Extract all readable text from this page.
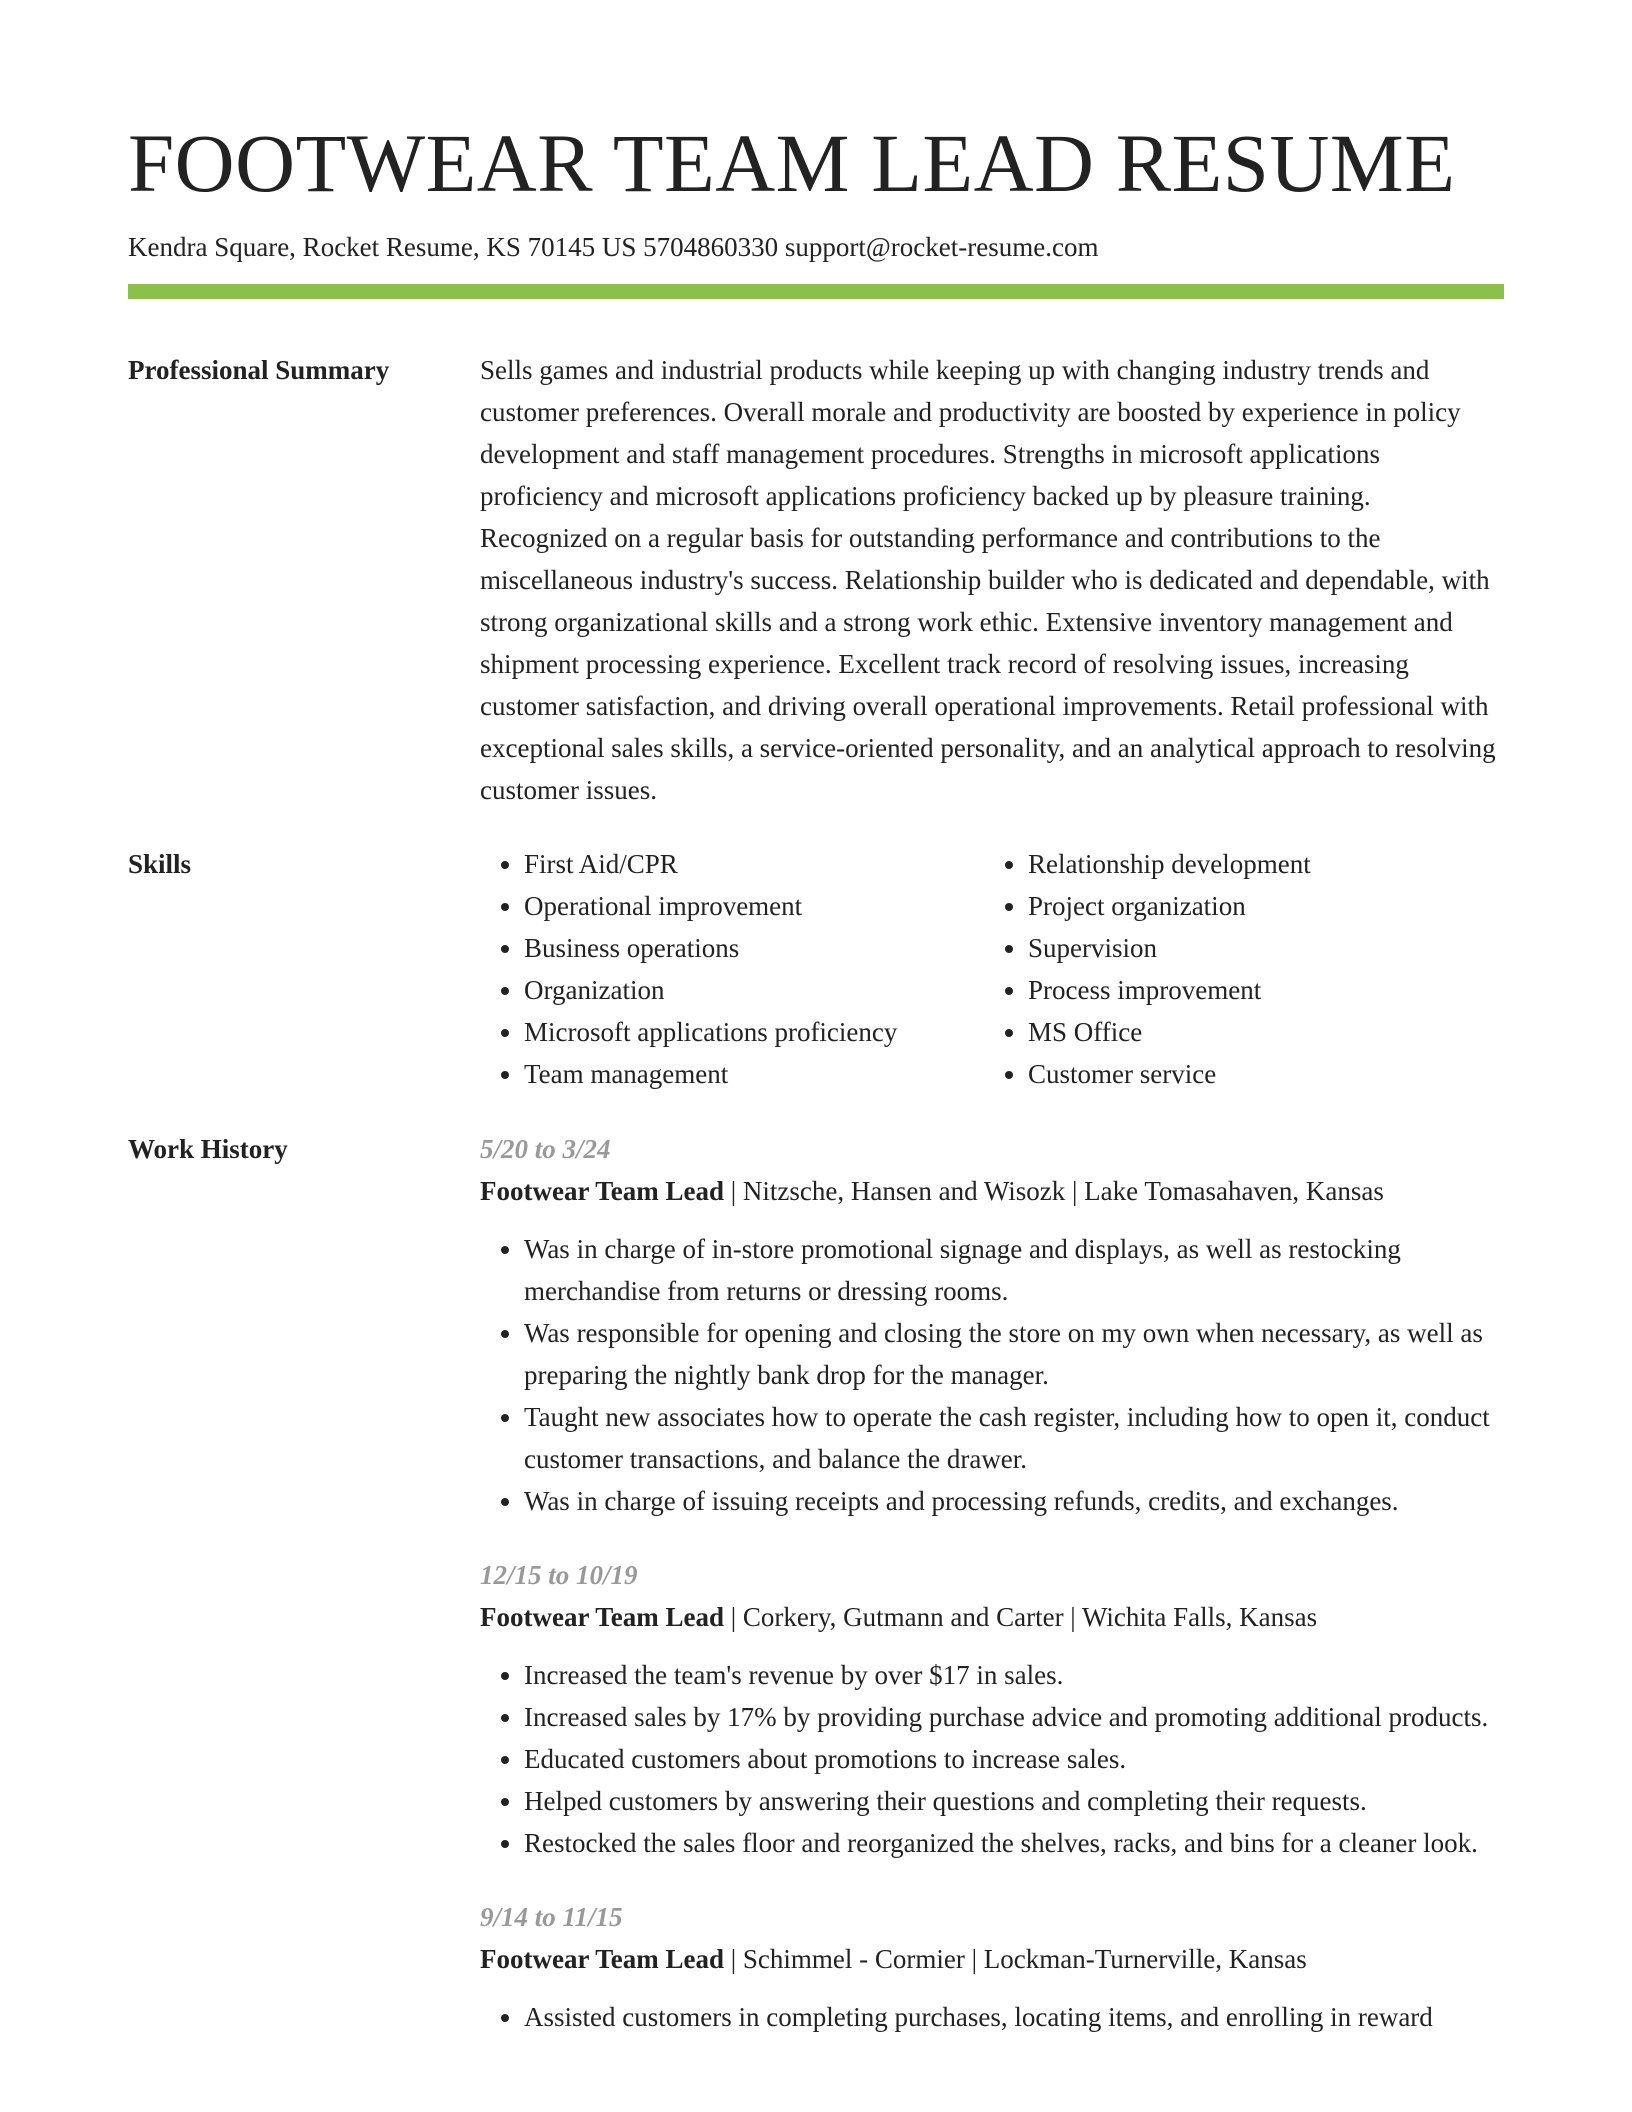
FOOTWEAR TEAM LEAD RESUME
Kendra Square, Rocket Resume, KS 70145 US 5704860330 support@rocket-resume.com
Professional Summary	Sells games and industrial products while keeping up with changing industry trends and customer preferences. Overall morale and productivity are boosted by experience in policy development and staff management procedures. Strengths in microsoft applications proficiency and microsoft applications proficiency backed up by pleasure training. Recognized on a regular basis for outstanding performance and contributions to the miscellaneous industry's success. Relationship builder who is dedicated and dependable, with strong organizational skills and a strong work ethic. Extensive inventory management and shipment processing experience. Excellent track record of resolving issues, increasing customer satisfaction, and driving overall operational improvements. Retail professional with exceptional sales skills, a service-oriented personality, and an analytical approach to resolving customer issues.

Skills
•	First Aid/CPR
• Operational improvement
• Business operations
• Organization
• Microsoft applications proficiency
• Team management
• Relationship development
• Project organization
• Supervision
• Process improvement
• MS Office
• Customer service
Work History	5/20 to 3/24
Footwear Team Lead | Nitzsche, Hansen and Wisozk | Lake Tomasahaven, Kansas
• Was in charge of in-store promotional signage and displays, as well as restocking merchandise from returns or dressing rooms.
• Was responsible for opening and closing the store on my own when necessary, as well as preparing the nightly bank drop for the manager.
• Taught new associates how to operate the cash register, including how to open it, conduct customer transactions, and balance the drawer.
• Was in charge of issuing receipts and processing refunds, credits, and exchanges.
12/15 to 10/19
Footwear Team Lead | Corkery, Gutmann and Carter | Wichita Falls, Kansas
• Increased the team's revenue by over $17 in sales.
• Increased sales by 17% by providing purchase advice and promoting additional products.
• Educated customers about promotions to increase sales.
• Helped customers by answering their questions and completing their requests.
• Restocked the sales floor and reorganized the shelves, racks, and bins for a cleaner look.
9/14 to 11/15
Footwear Team Lead | Schimmel - Cormier | Lockman-Turnerville, Kansas
• Assisted customers in completing purchases, locating items, and enrolling in reward
